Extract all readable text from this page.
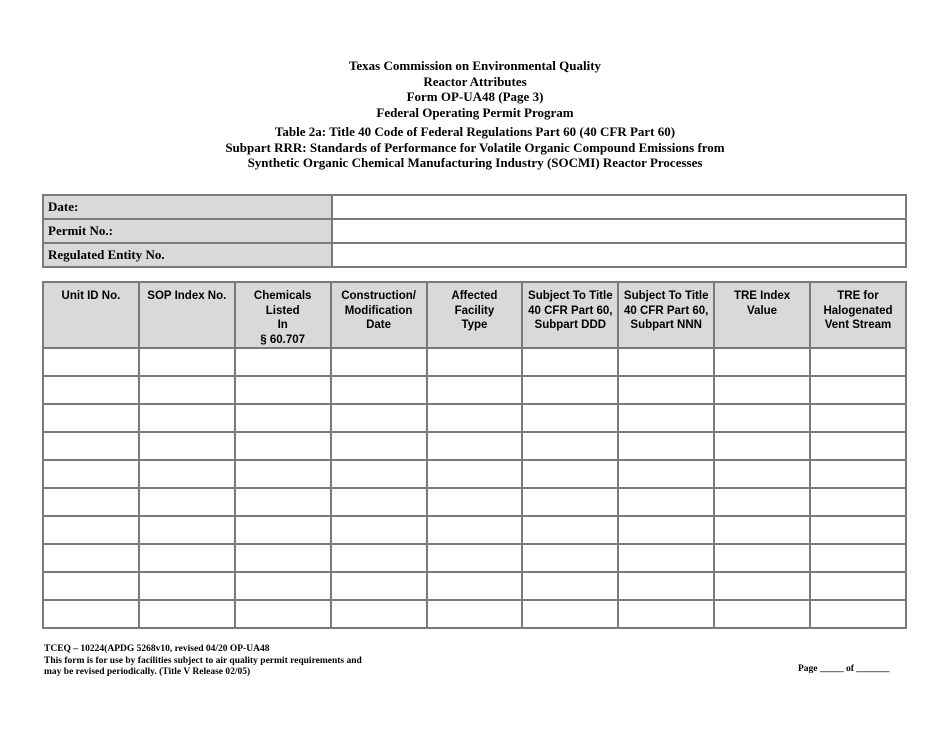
Texas Commission on Environmental Quality
Reactor Attributes
Form OP-UA48 (Page 3)
Federal Operating Permit Program
Table 2a: Title 40 Code of Federal Regulations Part 60 (40 CFR Part 60)
Subpart RRR: Standards of Performance for Volatile Organic Compound Emissions from
Synthetic Organic Chemical Manufacturing Industry (SOCMI) Reactor Processes
Date:	
Permit No.:	
Regulated Entity No.	
Unit ID No.	SOP Index No.	Chemicals Listed
In
§ 60.707	Construction/
Modification
Date	Affected Facility
Type	Subject To Title
40 CFR Part 60,
Subpart DDD	Subject To Title
40 CFR Part 60,
Subpart NNN	TRE Index Value	TRE for
Halogenated
Vent Stream

TCEQ – 10224(APDG 5268v10, revised 04/20 OP-UA48
This form is for use by facilities subject to air quality permit requirements and
may be revised periodically. (Title V Release 02/05)	Page _____ of _______
